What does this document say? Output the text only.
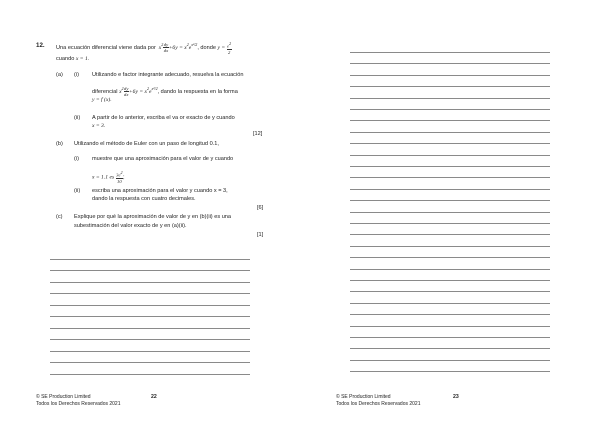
12. Una ecuación diferencial viene dada por  $x^2 \frac{dy}{dx} +6y = x^2e^{x^2/2}$, donde $y = \frac{e2}{2}$
cuando x = 1.
(a) (i) Utilizando e factor integrante adecuado, resuelva la ecuación
diferencial $x^2 \frac{dy}{dx} +6y = x^2e^{x^2/2}$, dando la respuesta en la forma
y = f (x).
(ii) A partir de lo anterior, escriba el va or exacto de y cuando
x = 3.
[12]
(b) Utilizando el método de Euler con un paso de longitud 0.1,
(i) muestre que una aproximación para el valor de y cuando
x = 1.1 es $\frac{3e2}{10}$ ;
(ii) escriba una aproximación para el valor y cuando x = 3,
dando la respuesta con cuatro decimales.
[6]
(c) Explique por qué la aproximación de valor de y en (b)(ii) es una
subestimación del valor exacto de y en (a)(ii).
[1]
© SE Production Limited
Todos los Derechos Reservados 2021
22	© SE Production Limited
Todos los Derechos Reservados 2021
23
